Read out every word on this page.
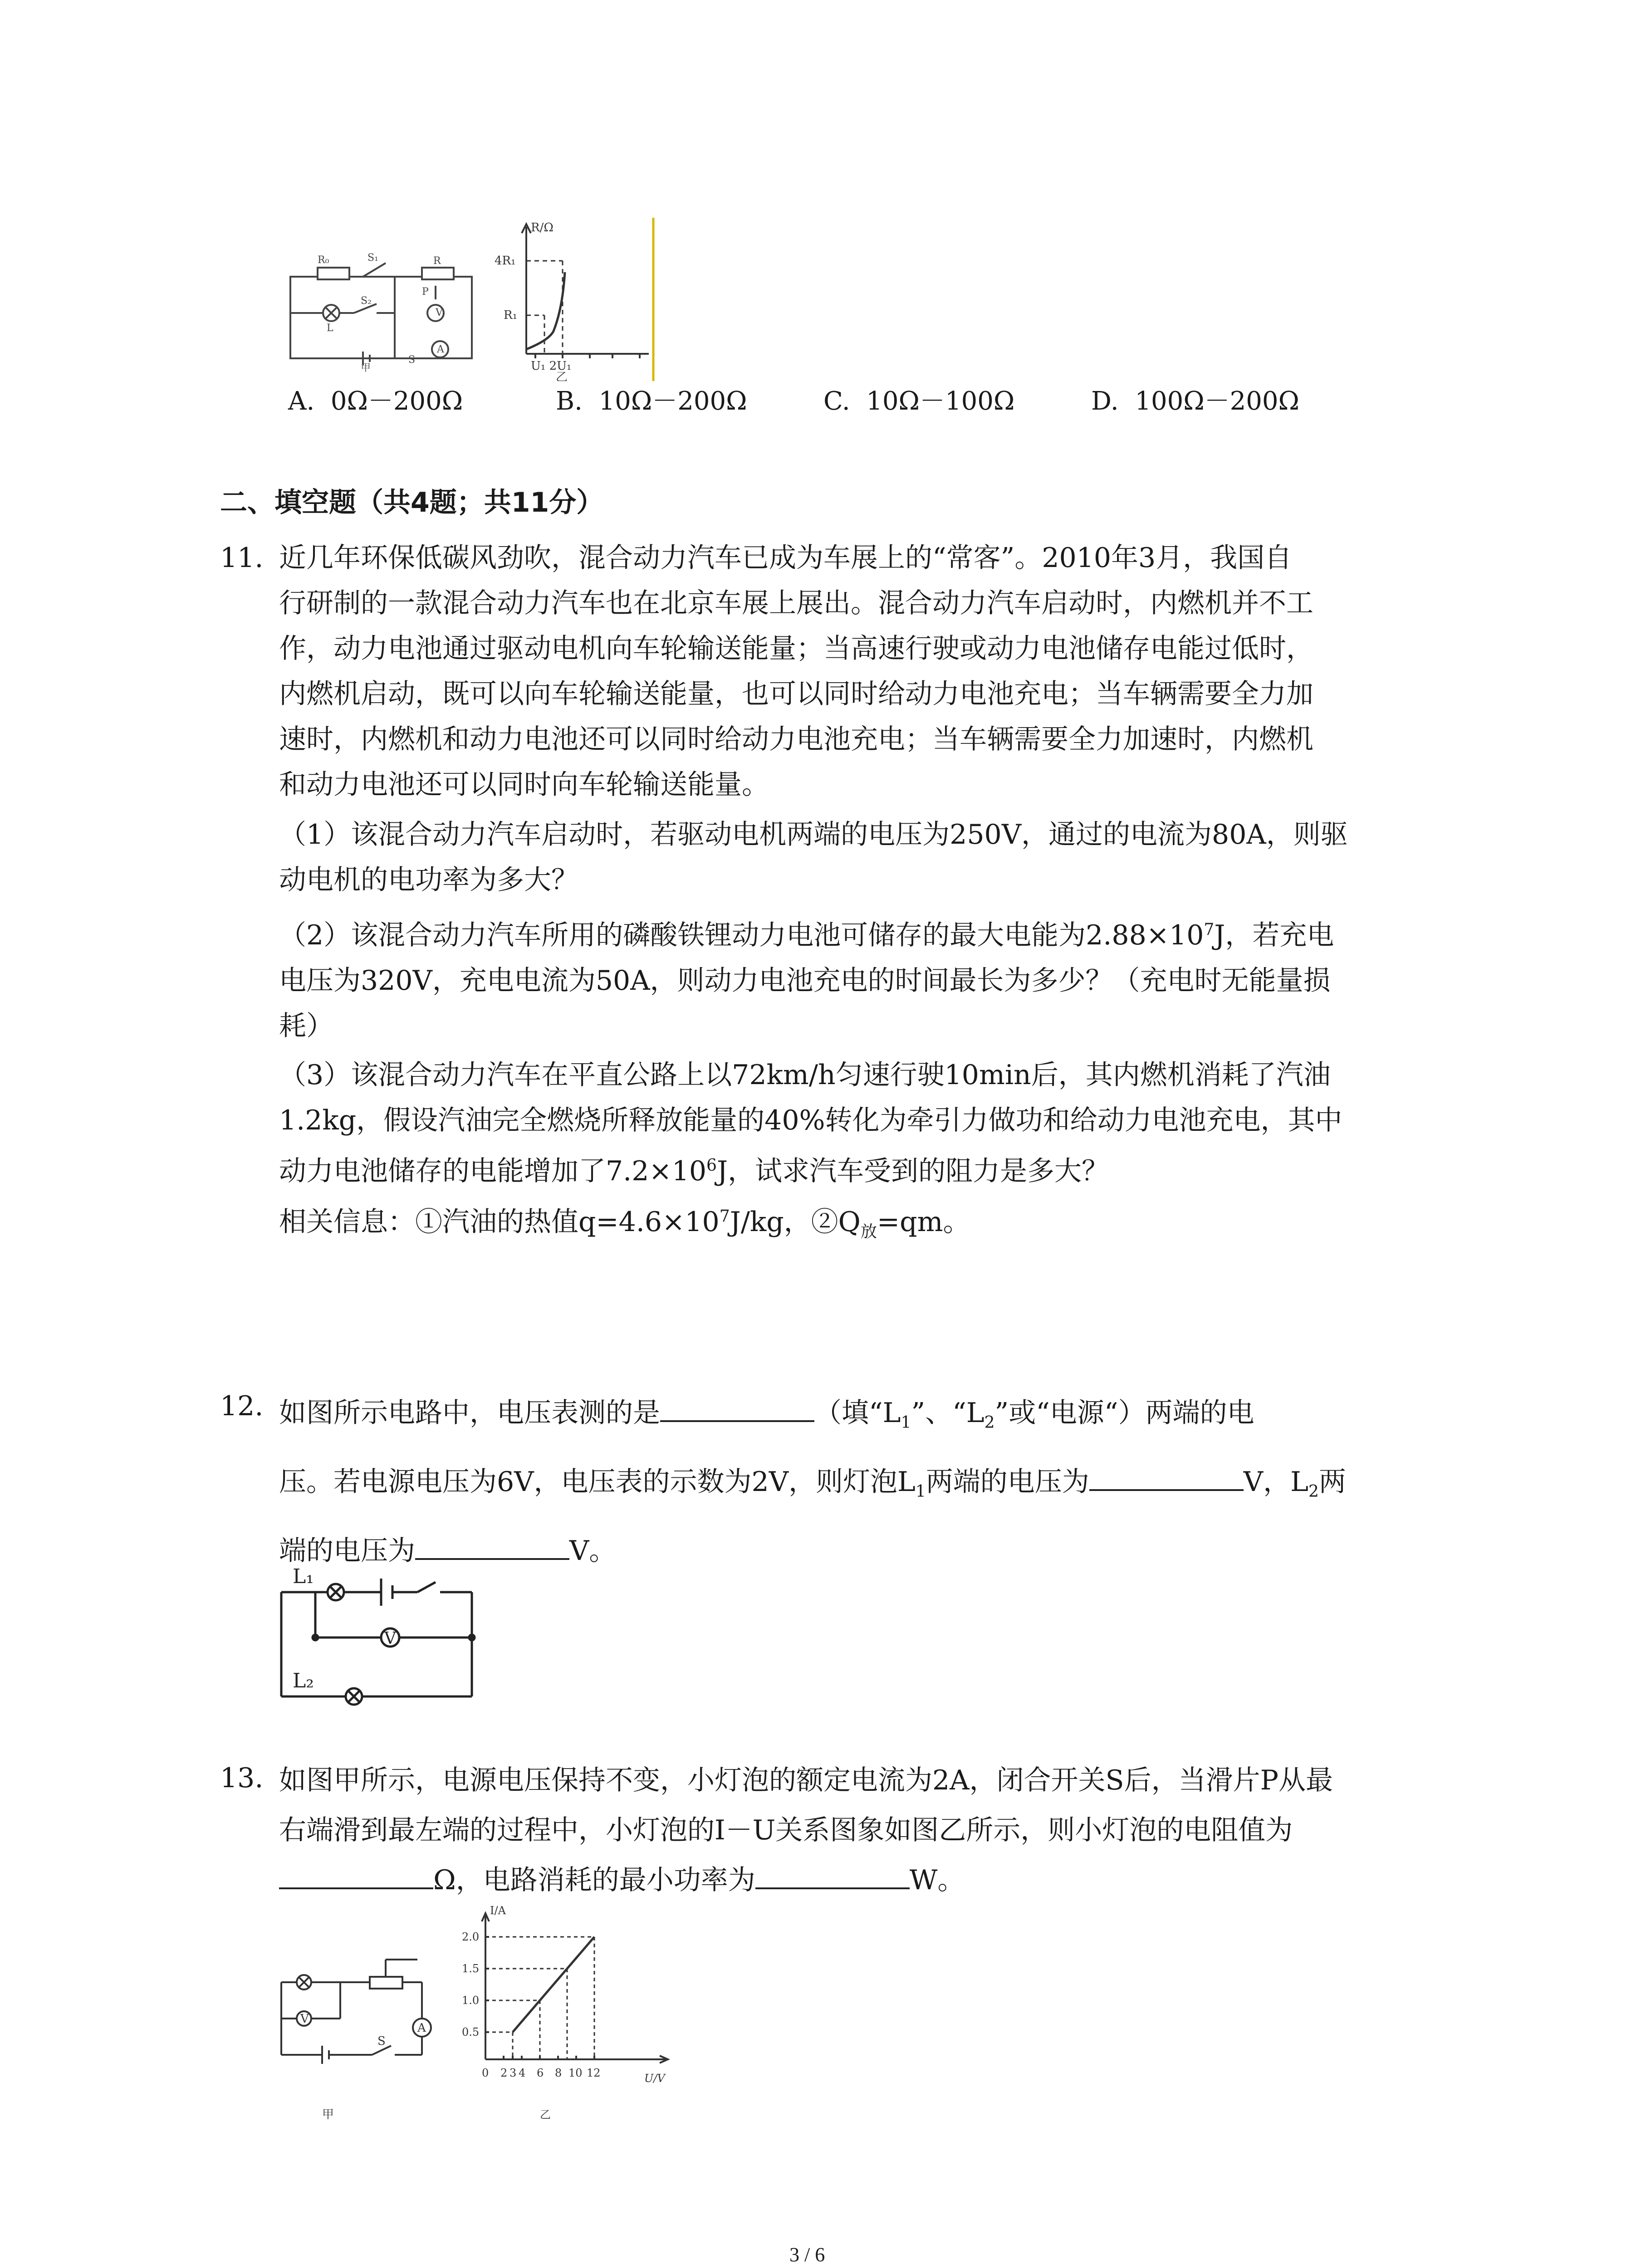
R₀	S₁	R
S₂
P
L
V
S
A
甲
R/Ω
4R₁
R₁
U₁ 2U₁
乙
A. 0Ω－200Ω	B. 10Ω－200Ω	C. 10Ω－100Ω	D. 100Ω－200Ω
二、填空题（共4题；共11分）
11. 近几年环保低碳风劲吹，混合动力汽车已成为车展上的“常客”。2010年3月，我国自
行研制的一款混合动力汽车也在北京车展上展出。混合动力汽车启动时，内燃机并不工
作，动力电池通过驱动电机向车轮输送能量；当高速行驶或动力电池储存电能过低时，
内燃机启动，既可以向车轮输送能量，也可以同时给动力电池充电；当车辆需要全力加
速时，内燃机和动力电池还可以同时给动力电池充电；当车辆需要全力加速时，内燃机
和动力电池还可以同时向车轮输送能量。
（1）该混合动力汽车启动时，若驱动电机两端的电压为250V，通过的电流为80A，则驱
动电机的电功率为多大？
（2）该混合动力汽车所用的磷酸铁锂动力电池可储存的最大电能为$2.88\times 10^7J$，若充电
电压为320V，充电电流为50A，则动力电池充电的时间最长为多少？（充电时无能量损
耗）
（3）该混合动力汽车在平直公路上以72km/h匀速行驶10min后，其内燃机消耗了汽油
1.2kg，假设汽油完全燃烧所释放能量的40%转化为牵引力做功和给动力电池充电，其中
动力电池储存的电能增加了$7.2\times 10^6J$，试求汽车受到的阻力是多大？
相关信息：①汽油的热值$q=4.6\times 10^7J/kg$，$②Q_放=qm$。
12. 如图所示电路中，电压表测的是	（填“$L_1$”、“$L_2$”或“电源“）两端的电
压。若电源电压为6V，电压表的示数为2V，则灯泡$L_1$两端的电压为	V，$L_2$两
端的电压为	V。
L₁
V
L₂
13. 如图甲所示，电源电压保持不变，小灯泡的额定电流为2A，闭合开关S后，当滑片P从最
右端滑到最左端的过程中，小灯泡的I－U关系图象如图乙所示，则小灯泡的电阻值为
Ω，电路消耗的最小功率为	W。
V
A
S
甲
I/A
2.0
1.5
1.0
0.5
0 2 3 4 6 8 10 12	U/V
乙
3 / 6
